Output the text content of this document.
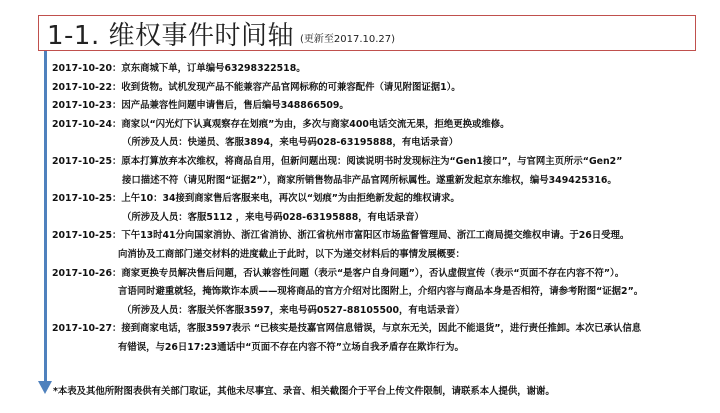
1-1. 维权事件时间轴 (更新至2017.10.27)
2017-10-20：京东商城下单，订单编号63298322518。
2017-10-22：收到货物。试机发现产品不能兼容产品官网标称的可兼容配件（请见附图证据1）。
2017-10-23：因产品兼容性问题申请售后，售后编号348866509。
2017-10-24：商家以“闪光灯下认真观察存在划痕”为由，多次与商家400电话交流无果，拒绝更换或维修。
（所涉及人员：快递员、客服3894，来电号码028-63195888，有电话录音）
2017-10-25：原本打算放弃本次维权，将商品自用，但新问题出现：阅读说明书时发现标注为“Gen1接口”，与官网主页所示“Gen2”
接口描述不符（请见附图“证据2”），商家所销售物品非产品官网所标属性。遂重新发起京东维权，编号349425316。
2017-10-25：上午10：34接到商家售后客服来电，再次以“划痕”为由拒绝新发起的维权请求。
（所涉及人员：客服5112 ，来电号码028-63195888，有电话录音）
2017-10-25：下午13时41分向国家消协、浙江省消协、浙江省杭州市富阳区市场监督管理局、浙江工商局提交维权申请。于26日受理。
向消协及工商部门递交材料的进度截止于此时，以下为递交材料后的事情发展概要：
2017-10-26：商家更换专员解决售后问题，否认兼容性问题（表示“是客户自身问题”），否认虚假宣传（表示“页面不存在内容不符”）。
言语同时避重就轻，掩饰欺诈本质——现将商品的官方介绍对比图附上，介绍内容与商品本身是否相符，请参考附图“证据2”。
（所涉及人员：客服关怀客服3597，来电号码0527-88105500，有电话录音）
2017-10-27：接到商家电话，客服3597表示 “已核实是技嘉官网信息错误，与京东无关，因此不能退货”，进行责任推卸。本次已承认信息
有错误，与26日17:23通话中“页面不存在内容不符”立场自我矛盾存在欺诈行为。
*本表及其他所附图表供有关部门取证，其他未尽事宜、录音、相关截图介于平台上传文件限制，请联系本人提供，谢谢。
